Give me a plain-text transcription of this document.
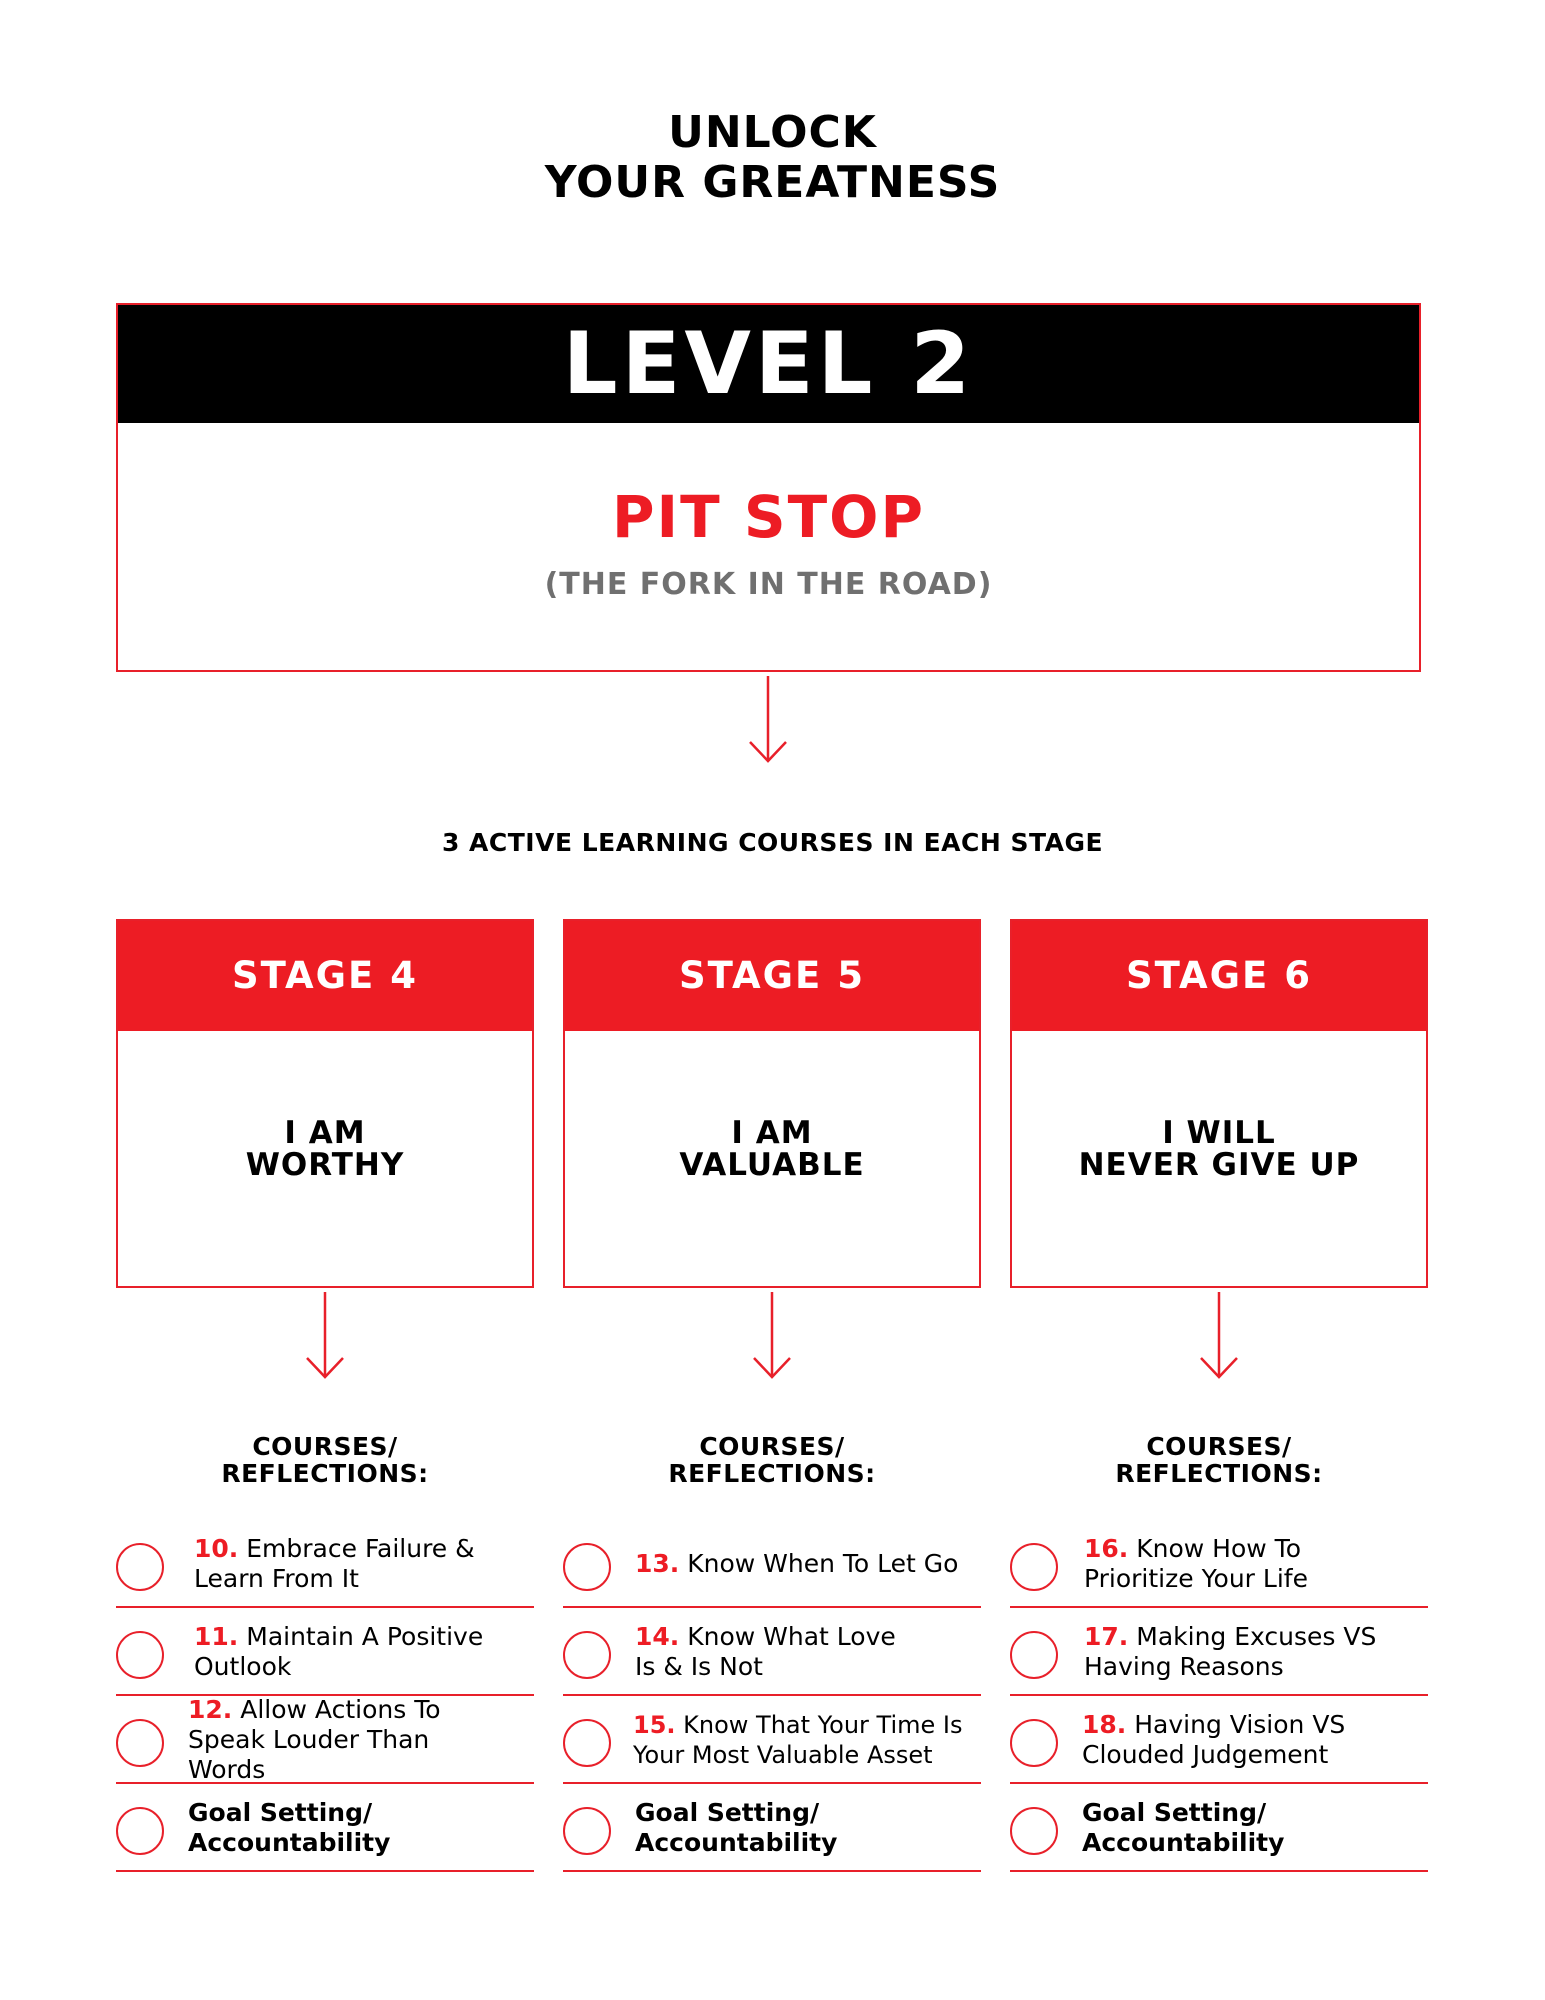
UNLOCK
YOUR GREATNESS
LEVEL 2
PIT STOP
(THE FORK IN THE ROAD)
3 ACTIVE LEARNING COURSES IN EACH STAGE
STAGE 4
I AM
WORTHY
STAGE 5
I AM
VALUABLE
STAGE 6
I WILL
NEVER GIVE UP
COURSES/
REFLECTIONS:
COURSES/
REFLECTIONS:
COURSES/
REFLECTIONS:
10. Embrace Failure &
Learn From It
11. Maintain A Positive
Outlook
12. Allow Actions To
Speak Louder Than
Words
Goal Setting/
Accountability
13. Know When To Let Go
14. Know What Love
Is & Is Not
15. Know That Your Time Is
Your Most Valuable Asset
Goal Setting/
Accountability
16. Know How To
Prioritize Your Life
17. Making Excuses VS
Having Reasons
18. Having Vision VS
Clouded Judgement
Goal Setting/
Accountability
